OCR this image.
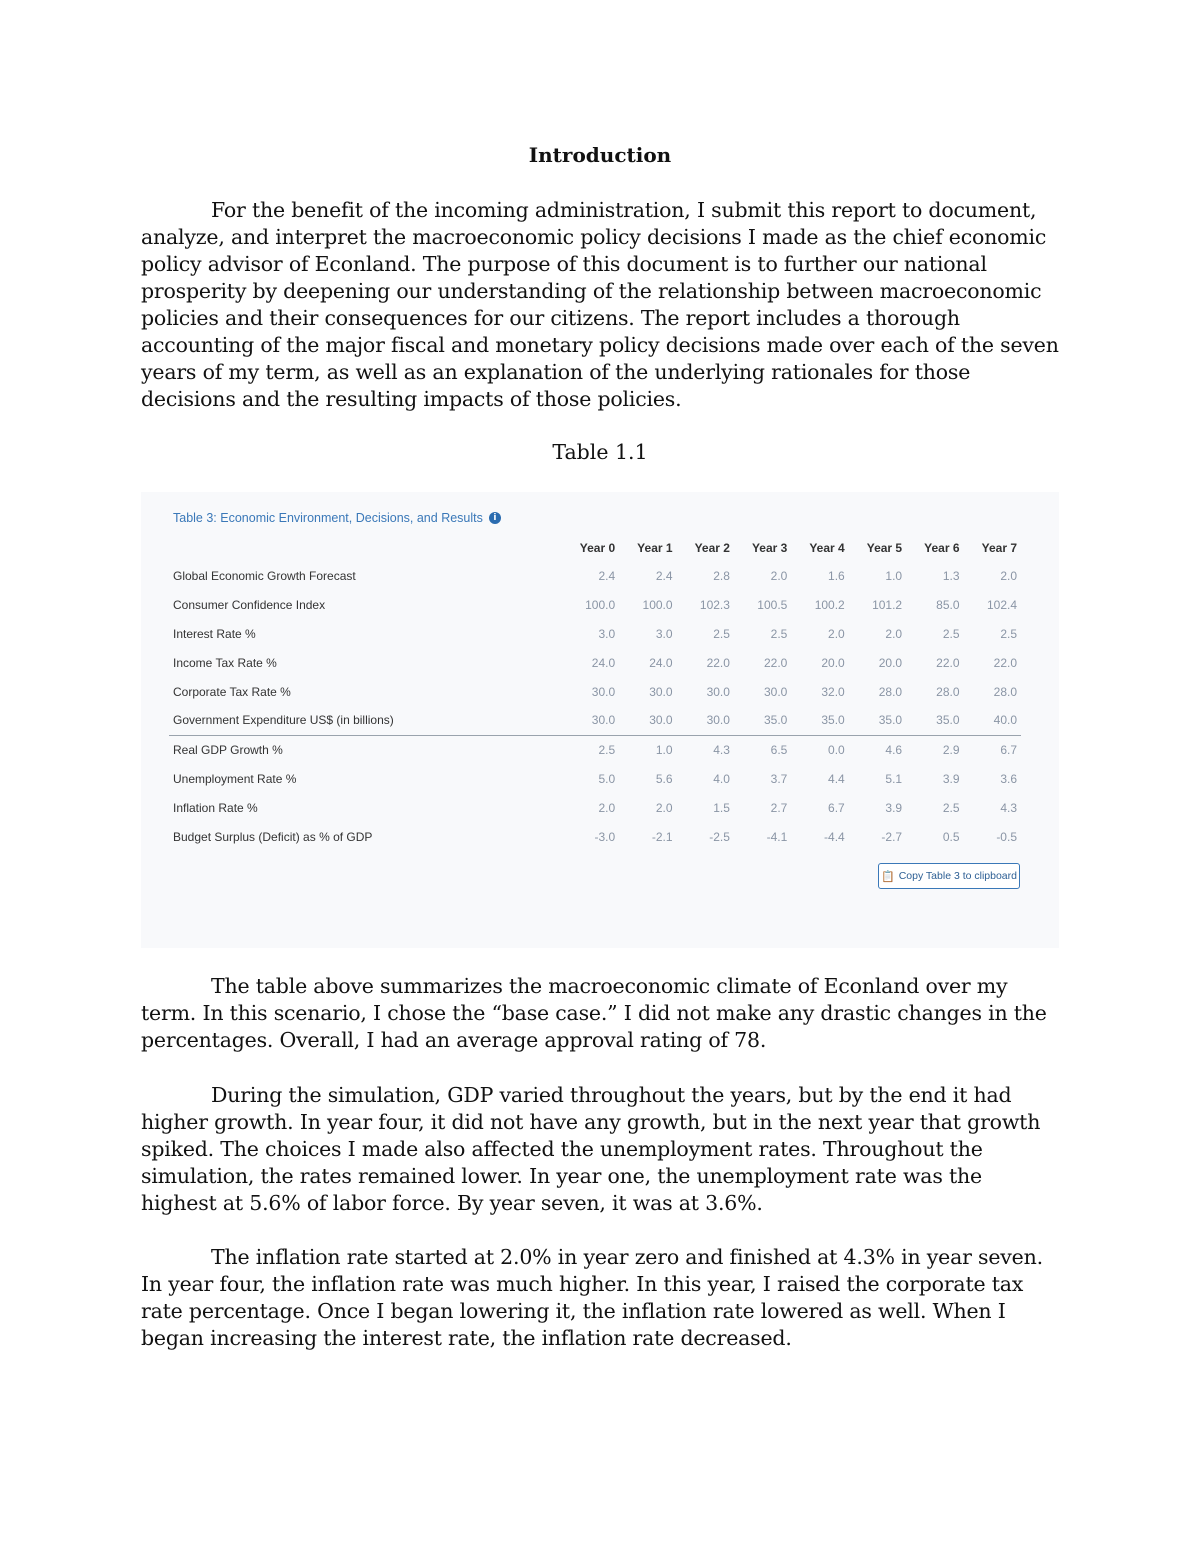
Introduction

For the benefit of the incoming administration, I submit this report to document, analyze, and interpret the macroeconomic policy decisions I made as the chief economic policy advisor of Econland. The purpose of this document is to further our national prosperity by deepening our understanding of the relationship between macroeconomic policies and their consequences for our citizens. The report includes a thorough accounting of the major fiscal and monetary policy decisions made over each of the seven years of my term, as well as an explanation of the underlying rationales for those decisions and the resulting impacts of those policies.

Table 1.1
Table 3: Economic Environment, Decisions, and Results	i
	Year 0	Year 1	Year 2	Year 3	Year 4	Year 5	Year 6	Year 7
Global Economic Growth Forecast	2.4	2.4	2.8	2.0	1.6	1.0	1.3	2.0
Consumer Confidence Index	100.0	100.0	102.3	100.5	100.2	101.2	85.0	102.4
Interest Rate %	3.0	3.0	2.5	2.5	2.0	2.0	2.5	2.5
Income Tax Rate %	24.0	24.0	22.0	22.0	20.0	20.0	22.0	22.0
Corporate Tax Rate %	30.0	30.0	30.0	30.0	32.0	28.0	28.0	28.0
Government Expenditure US$ (in billions)	30.0	30.0	30.0	35.0	35.0	35.0	35.0	40.0
Real GDP Growth %	2.5	1.0	4.3	6.5	0.0	4.6	2.9	6.7
Unemployment Rate %	5.0	5.6	4.0	3.7	4.4	5.1	3.9	3.6
Inflation Rate %	2.0	2.0	1.5	2.7	6.7	3.9	2.5	4.3
Budget Surplus (Deficit) as % of GDP	-3.0	-2.1	-2.5	-4.1	-4.4	-2.7	0.5	-0.5
📋 Copy Table 3 to clipboard

The table above summarizes the macroeconomic climate of Econland over my term. In this scenario, I chose the “base case.” I did not make any drastic changes in the percentages. Overall, I had an average approval rating of 78.

During the simulation, GDP varied throughout the years, but by the end it had higher growth. In year four, it did not have any growth, but in the next year that growth spiked. The choices I made also affected the unemployment rates. Throughout the simulation, the rates remained lower. In year one, the unemployment rate was the highest at 5.6% of labor force. By year seven, it was at 3.6%.

The inflation rate started at 2.0% in year zero and finished at 4.3% in year seven. In year four, the inflation rate was much higher. In this year, I raised the corporate tax rate percentage. Once I began lowering it, the inflation rate lowered as well. When I began increasing the interest rate, the inflation rate decreased.
